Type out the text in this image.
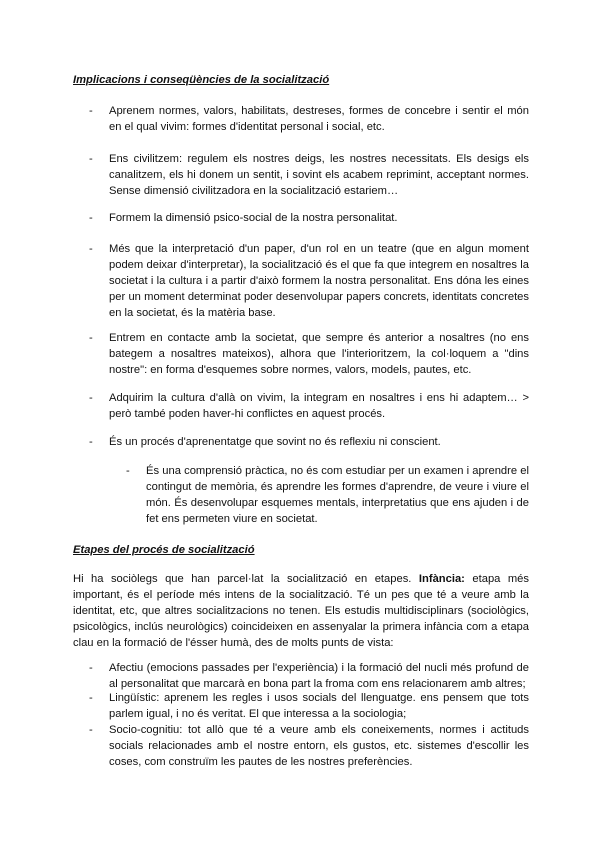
Implicacions i conseqüències de la socialització
-	Aprenem normes, valors, habilitats, destreses, formes de concebre i sentir el món en el qual vivim: formes d'identitat personal i social, etc.
-	Ens civilitzem: regulem els nostres deigs, les nostres necessitats. Els desigs els canalitzem, els hi donem un sentit, i sovint els acabem reprimint, acceptant normes. Sense dimensió civilitzadora en la socialització estariem…
-	Formem la dimensió psico-social de la nostra personalitat.
-	Més que la interpretació d'un paper, d'un rol en un teatre (que en algun moment podem deixar d'interpretar), la socialització és el que fa que integrem en nosaltres la societat i la cultura i a partir d'això formem la nostra personalitat. Ens dóna les eines per un moment determinat poder desenvolupar papers concrets, identitats concretes en la societat, és la matèria base.
-	Entrem en contacte amb la societat, que sempre és anterior a nosaltres (no ens bategem a nosaltres mateixos), alhora que l'interioritzem, la col·loquem a "dins nostre": en forma d'esquemes sobre normes, valors, models, pautes, etc.
-	Adquirim la cultura d'allà on vivim, la integram en nosaltres i ens hi adaptem… > però també poden haver-hi conflictes en aquest procés.
-	És un procés d'aprenentatge que sovint no és reflexiu ni conscient.
-	És una comprensió pràctica, no és com estudiar per un examen i aprendre el contingut de memòria, és aprendre les formes d'aprendre, de veure i viure el món. És desenvolupar esquemes mentals, interpretatius que ens ajuden i de fet ens permeten viure en societat.
Etapes del procés de socialització
Hi ha sociòlegs que han parcel·lat la socialització en etapes. Infància: etapa més important, és el període més intens de la socialització. Té un pes que té a veure amb la identitat, etc, que altres socialitzacions no tenen. Els estudis multidisciplinars (sociològics, psicològics, inclús neurològics) coincideixen en assenyalar la primera infància com a etapa clau en la formació de l'ésser humà, des de molts punts de vista:
-	Afectiu (emocions passades per l'experiència) i la formació del nucli més profund de al personalitat que marcarà en bona part la froma com ens relacionarem amb altres;
-	Lingüístic: aprenem les regles i usos socials del llenguatge. ens pensem que tots parlem igual, i no és veritat. El que interessa a la sociologia;
-	Socio-cognitiu: tot allò que té a veure amb els coneixements, normes i actituds socials relacionades amb el nostre entorn, els gustos, etc. sistemes d'escollir les coses, com construïm les pautes de les nostres preferències.
